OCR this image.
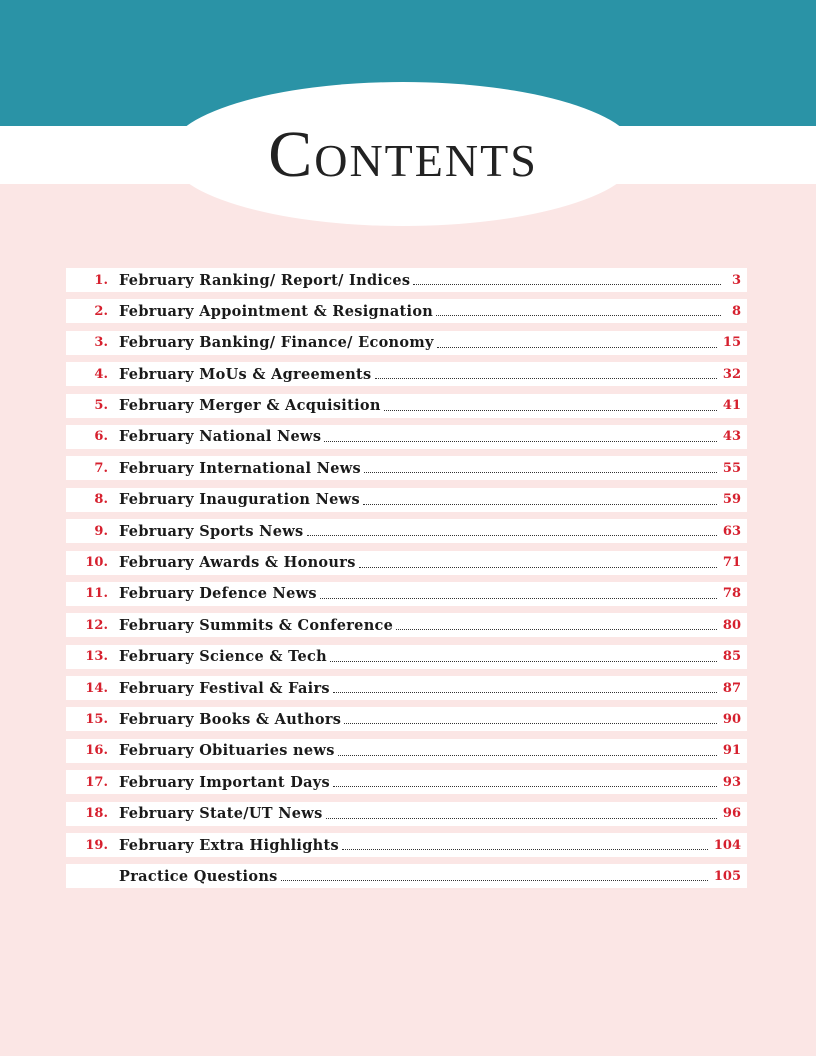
Contents
1. February Ranking/ Report/ Indices	3
2. February Appointment & Resignation	8
3. February Banking/ Finance/ Economy	15
4. February MoUs & Agreements	32
5. February Merger & Acquisition	41
6. February National News	43
7. February International News	55
8. February Inauguration News	59
9. February Sports News	63
10. February Awards & Honours	71
11. February Defence News	78
12. February Summits & Conference	80
13. February Science & Tech	85
14. February Festival & Fairs	87
15. February Books & Authors	90
16. February Obituaries news	91
17. February Important Days	93
18. February State/UT News	96
19. February Extra Highlights	104
Practice Questions	105
